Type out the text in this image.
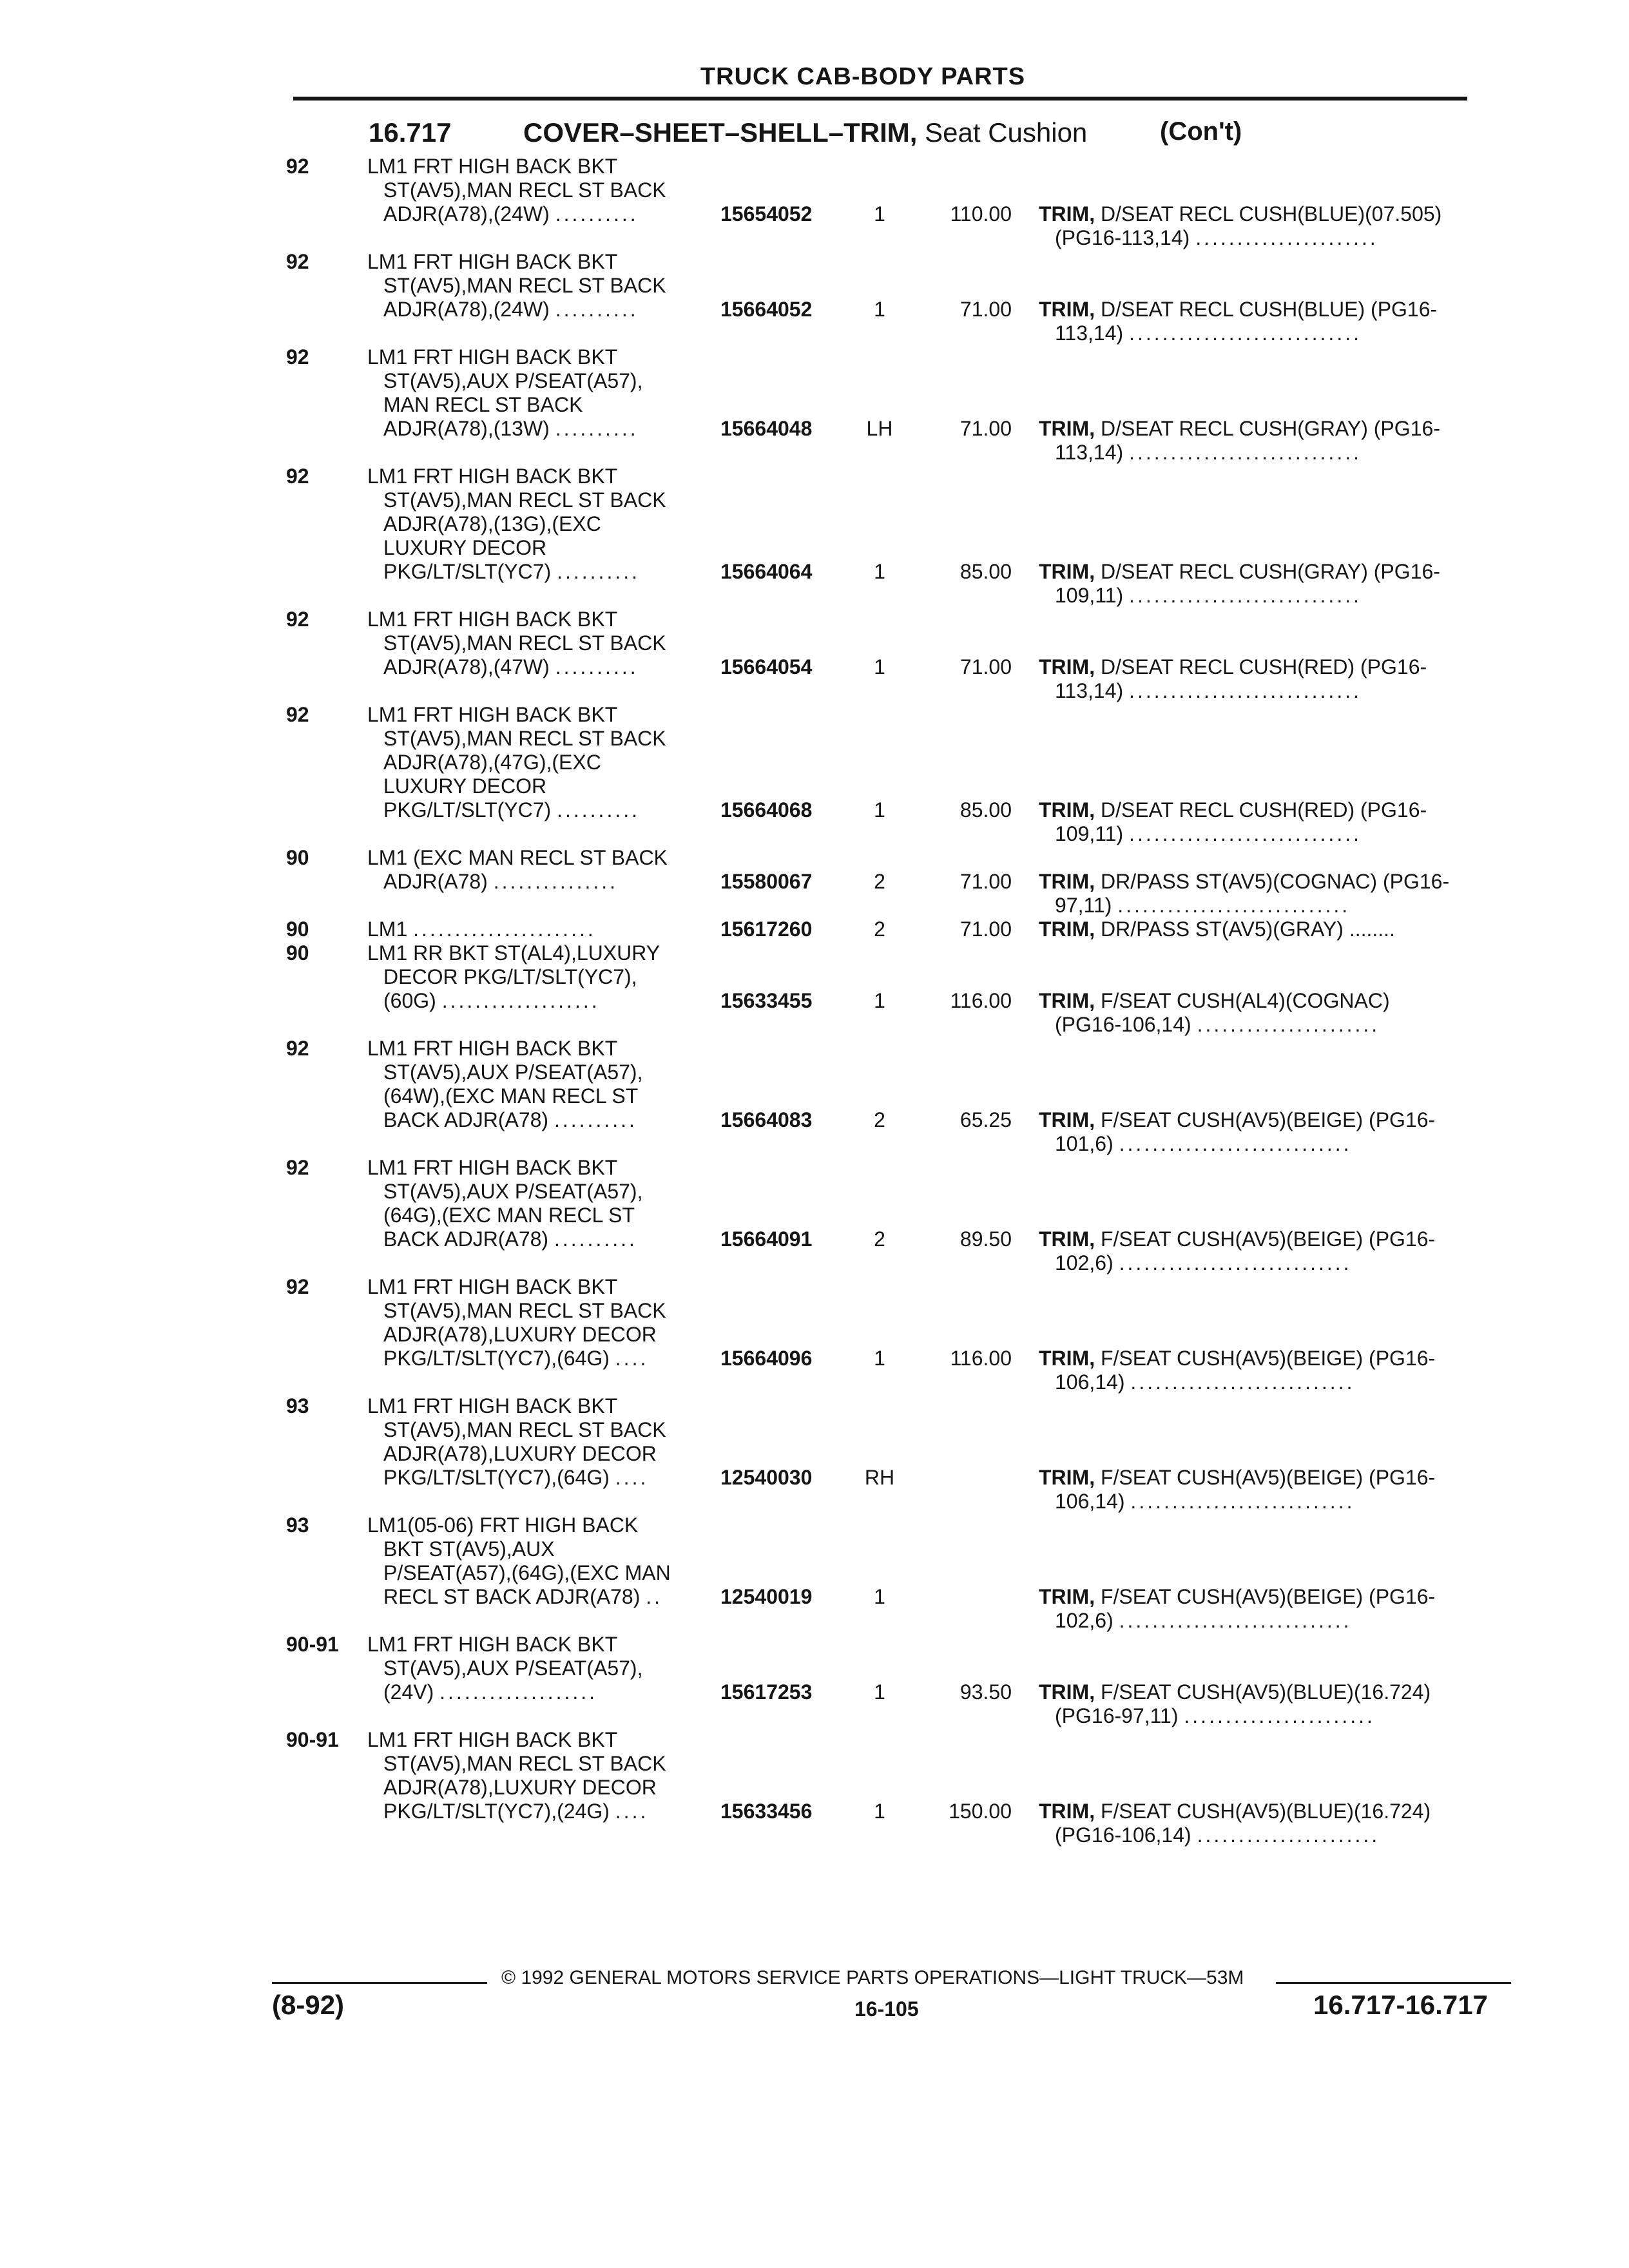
TRUCK CAB-BODY PARTS
16.717	COVER–SHEET–SHELL–TRIM, Seat Cushion	(Con't)
92	LM1 FRT HIGH BACK BKT
ST(AV5),MAN RECL ST BACK
ADJR(A78),(24W) ..........	15654052	1	110.00 TRIM, D/SEAT RECL CUSH(BLUE)(07.505)
(PG16-113,14) ......................
92	LM1 FRT HIGH BACK BKT
ST(AV5),MAN RECL ST BACK
ADJR(A78),(24W) ..........	15664052	1	71.00 TRIM, D/SEAT RECL CUSH(BLUE) (PG16-
113,14) ............................
92	LM1 FRT HIGH BACK BKT
ST(AV5),AUX P/SEAT(A57),
MAN RECL ST BACK
ADJR(A78),(13W) ..........	15664048	LH	71.00 TRIM, D/SEAT RECL CUSH(GRAY) (PG16-
113,14) ............................
92	LM1 FRT HIGH BACK BKT
ST(AV5),MAN RECL ST BACK
ADJR(A78),(13G),(EXC
LUXURY DECOR
PKG/LT/SLT(YC7) ..........	15664064	1	85.00 TRIM, D/SEAT RECL CUSH(GRAY) (PG16-
109,11) ............................
92	LM1 FRT HIGH BACK BKT
ST(AV5),MAN RECL ST BACK
ADJR(A78),(47W) ..........	15664054	1	71.00 TRIM, D/SEAT RECL CUSH(RED) (PG16-
113,14) ............................
92	LM1 FRT HIGH BACK BKT
ST(AV5),MAN RECL ST BACK
ADJR(A78),(47G),(EXC
LUXURY DECOR
PKG/LT/SLT(YC7) ..........	15664068	1	85.00 TRIM, D/SEAT RECL CUSH(RED) (PG16-
109,11) ............................
90	LM1 (EXC MAN RECL ST BACK
ADJR(A78) ...............	15580067	2	71.00 TRIM, DR/PASS ST(AV5)(COGNAC) (PG16-
97,11) ............................
90	LM1 ......................	15617260	2	71.00 TRIM, DR/PASS ST(AV5)(GRAY) ........
90	LM1 RR BKT ST(AL4),LUXURY
DECOR PKG/LT/SLT(YC7),
(60G) ...................	15633455	1	116.00 TRIM, F/SEAT CUSH(AL4)(COGNAC)
(PG16-106,14) ......................
92	LM1 FRT HIGH BACK BKT
ST(AV5),AUX P/SEAT(A57),
(64W),(EXC MAN RECL ST
BACK ADJR(A78) ..........	15664083	2	65.25 TRIM, F/SEAT CUSH(AV5)(BEIGE) (PG16-
101,6) ............................
92	LM1 FRT HIGH BACK BKT
ST(AV5),AUX P/SEAT(A57),
(64G),(EXC MAN RECL ST
BACK ADJR(A78) ..........	15664091	2	89.50 TRIM, F/SEAT CUSH(AV5)(BEIGE) (PG16-
102,6) ............................
92	LM1 FRT HIGH BACK BKT
ST(AV5),MAN RECL ST BACK
ADJR(A78),LUXURY DECOR
PKG/LT/SLT(YC7),(64G) ....	15664096	1	116.00 TRIM, F/SEAT CUSH(AV5)(BEIGE) (PG16-
106,14) ...........................
93	LM1 FRT HIGH BACK BKT
ST(AV5),MAN RECL ST BACK
ADJR(A78),LUXURY DECOR
PKG/LT/SLT(YC7),(64G) ....	12540030	RH	TRIM, F/SEAT CUSH(AV5)(BEIGE) (PG16-
106,14) ...........................
93	LM1(05-06) FRT HIGH BACK
BKT ST(AV5),AUX
P/SEAT(A57),(64G),(EXC MAN
RECL ST BACK ADJR(A78) ..	12540019	1	TRIM, F/SEAT CUSH(AV5)(BEIGE) (PG16-
102,6) ............................
90-91	LM1 FRT HIGH BACK BKT
ST(AV5),AUX P/SEAT(A57),
(24V) ...................	15617253	1	93.50 TRIM, F/SEAT CUSH(AV5)(BLUE)(16.724)
(PG16-97,11) .......................
90-91	LM1 FRT HIGH BACK BKT
ST(AV5),MAN RECL ST BACK
ADJR(A78),LUXURY DECOR
PKG/LT/SLT(YC7),(24G) ....	15633456	1	150.00 TRIM, F/SEAT CUSH(AV5)(BLUE)(16.724)
(PG16-106,14) ......................
© 1992 GENERAL MOTORS SERVICE PARTS OPERATIONS—LIGHT TRUCK—53M
(8-92)	16-105	16.717-16.717
